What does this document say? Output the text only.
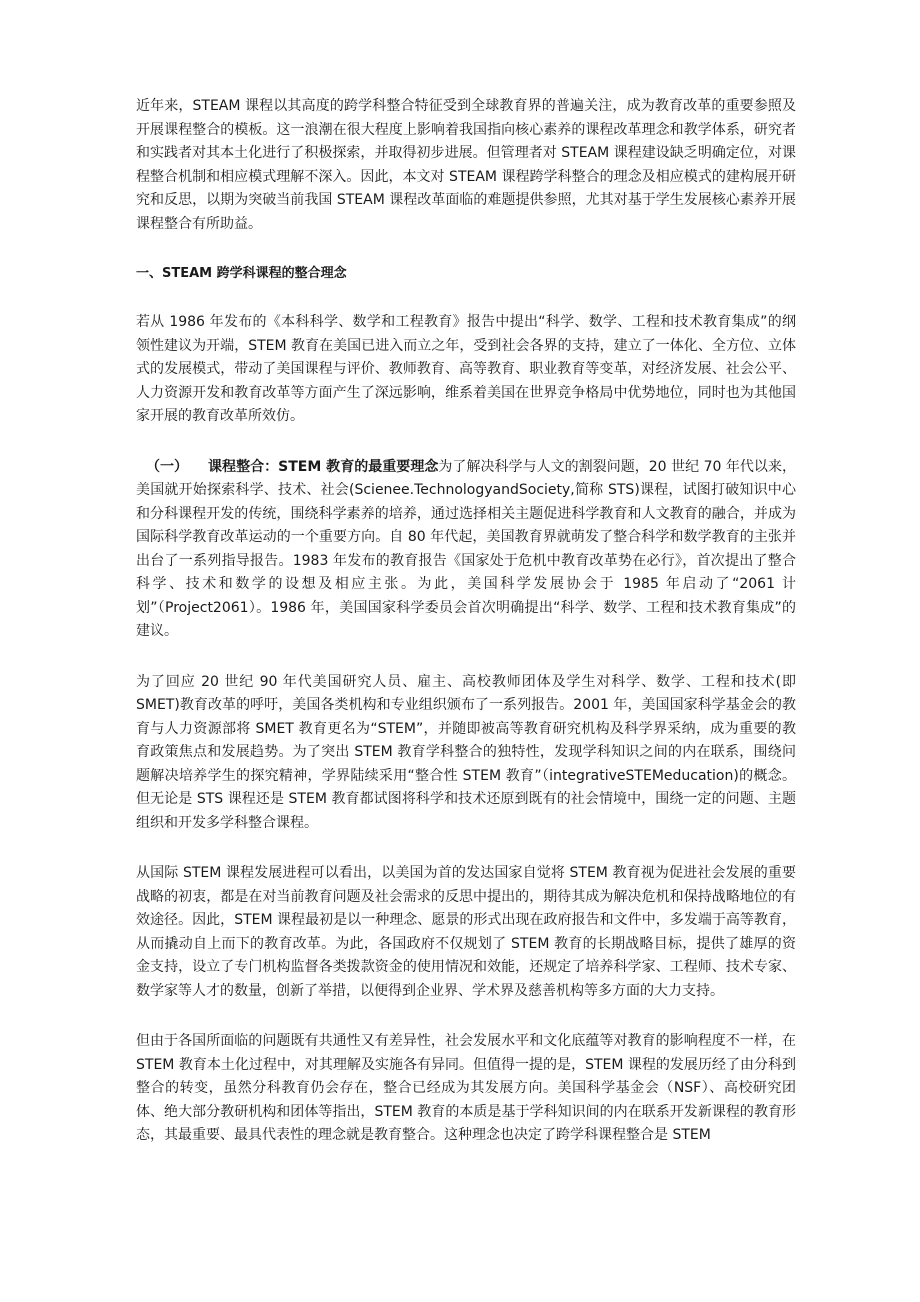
近年来，STEAM 课程以其高度的跨学科整合特征受到全球教育界的普遍关注，成为教育改革的重要参照及开展课程整合的模板。这一浪潮在很大程度上影响着我国指向核心素养的课程改革理念和教学体系，研究者和实践者对其本土化进行了积极探索，并取得初步进展。但管理者对 STEAM 课程建设缺乏明确定位，对课程整合机制和相应模式理解不深入。因此，本文对 STEAM 课程跨学科整合的理念及相应模式的建构展开研究和反思，以期为突破当前我国 STEAM 课程改革面临的难题提供参照，尤其对基于学生发展核心素养开展课程整合有所助益。

一、STEAM 跨学科课程的整合理念

若从 1986 年发布的《本科科学、数学和工程教育》报告中提出“科学、数学、工程和技术教育集成”的纲领性建议为开端，STEM 教育在美国已进入而立之年，受到社会各界的支持，建立了一体化、全方位、立体式的发展模式，带动了美国课程与评价、教师教育、高等教育、职业教育等变革，对经济发展、社会公平、人力资源开发和教育改革等方面产生了深远影响，维系着美国在世界竞争格局中优势地位，同时也为其他国家开展的教育改革所效仿。

（一） 课程整合：STEM 教育的最重要理念为了解决科学与人文的割裂问题，20 世纪 70 年代以来，美国就开始探索科学、技术、社会(Scienee.TechnologyandSociety,简称 STS)课程，试图打破知识中心和分科课程开发的传统，围绕科学素养的培养，通过选择相关主题促进科学教育和人文教育的融合，并成为国际科学教育改革运动的一个重要方向。自 80 年代起，美国教育界就萌发了整合科学和数学教育的主张并出台了一系列指导报告。1983 年发布的教育报告《国家处于危机中教育改革势在必行》，首次提出了整合科学、技术和数学的设想及相应主张。为此，美国科学发展协会于 1985 年启动了“2061 计划”（Project2061）。1986 年，美国国家科学委员会首次明确提出“科学、数学、工程和技术教育集成”的建议。

为了回应 20 世纪 90 年代美国研究人员、雇主、高校教师团体及学生对科学、数学、工程和技术(即 SMET)教育改革的呼吁，美国各类机构和专业组织颁布了一系列报告。2001 年，美国国家科学基金会的教育与人力资源部将 SMET 教育更名为“STEM”，并随即被高等教育研究机构及科学界采纳，成为重要的教育政策焦点和发展趋势。为了突出 STEM 教育学科整合的独特性，发现学科知识之间的内在联系，围绕问题解决培养学生的探究精神，学界陆续采用“整合性 STEM 教育”（integrativeSTEMeducation)的概念。但无论是 STS 课程还是 STEM 教育都试图将科学和技术还原到既有的社会情境中，围绕一定的问题、主题组织和开发多学科整合课程。

从国际 STEM 课程发展进程可以看出，以美国为首的发达国家自觉将 STEM 教育视为促进社会发展的重要战略的初衷，都是在对当前教育问题及社会需求的反思中提出的，期待其成为解决危机和保持战略地位的有效途径。因此，STEM 课程最初是以一种理念、愿景的形式出现在政府报告和文件中，多发端于高等教育，从而撬动自上而下的教育改革。为此，各国政府不仅规划了 STEM 教育的长期战略目标，提供了雄厚的资金支持，设立了专门机构监督各类拨款资金的使用情况和效能，还规定了培养科学家、工程师、技术专家、数学家等人才的数量，创新了举措，以便得到企业界、学术界及慈善机构等多方面的大力支持。

但由于各国所面临的问题既有共通性又有差异性，社会发展水平和文化底蕴等对教育的影响程度不一样，在 STEM 教育本土化过程中，对其理解及实施各有异同。但值得一提的是，STEM 课程的发展历经了由分科到整合的转变，虽然分科教育仍会存在，整合已经成为其发展方向。美国科学基金会（NSF）、高校研究团体、绝大部分教研机构和团体等指出，STEM 教育的本质是基于学科知识间的内在联系开发新课程的教育形态，其最重要、最具代表性的理念就是教育整合。这种理念也决定了跨学科课程整合是 STEM
